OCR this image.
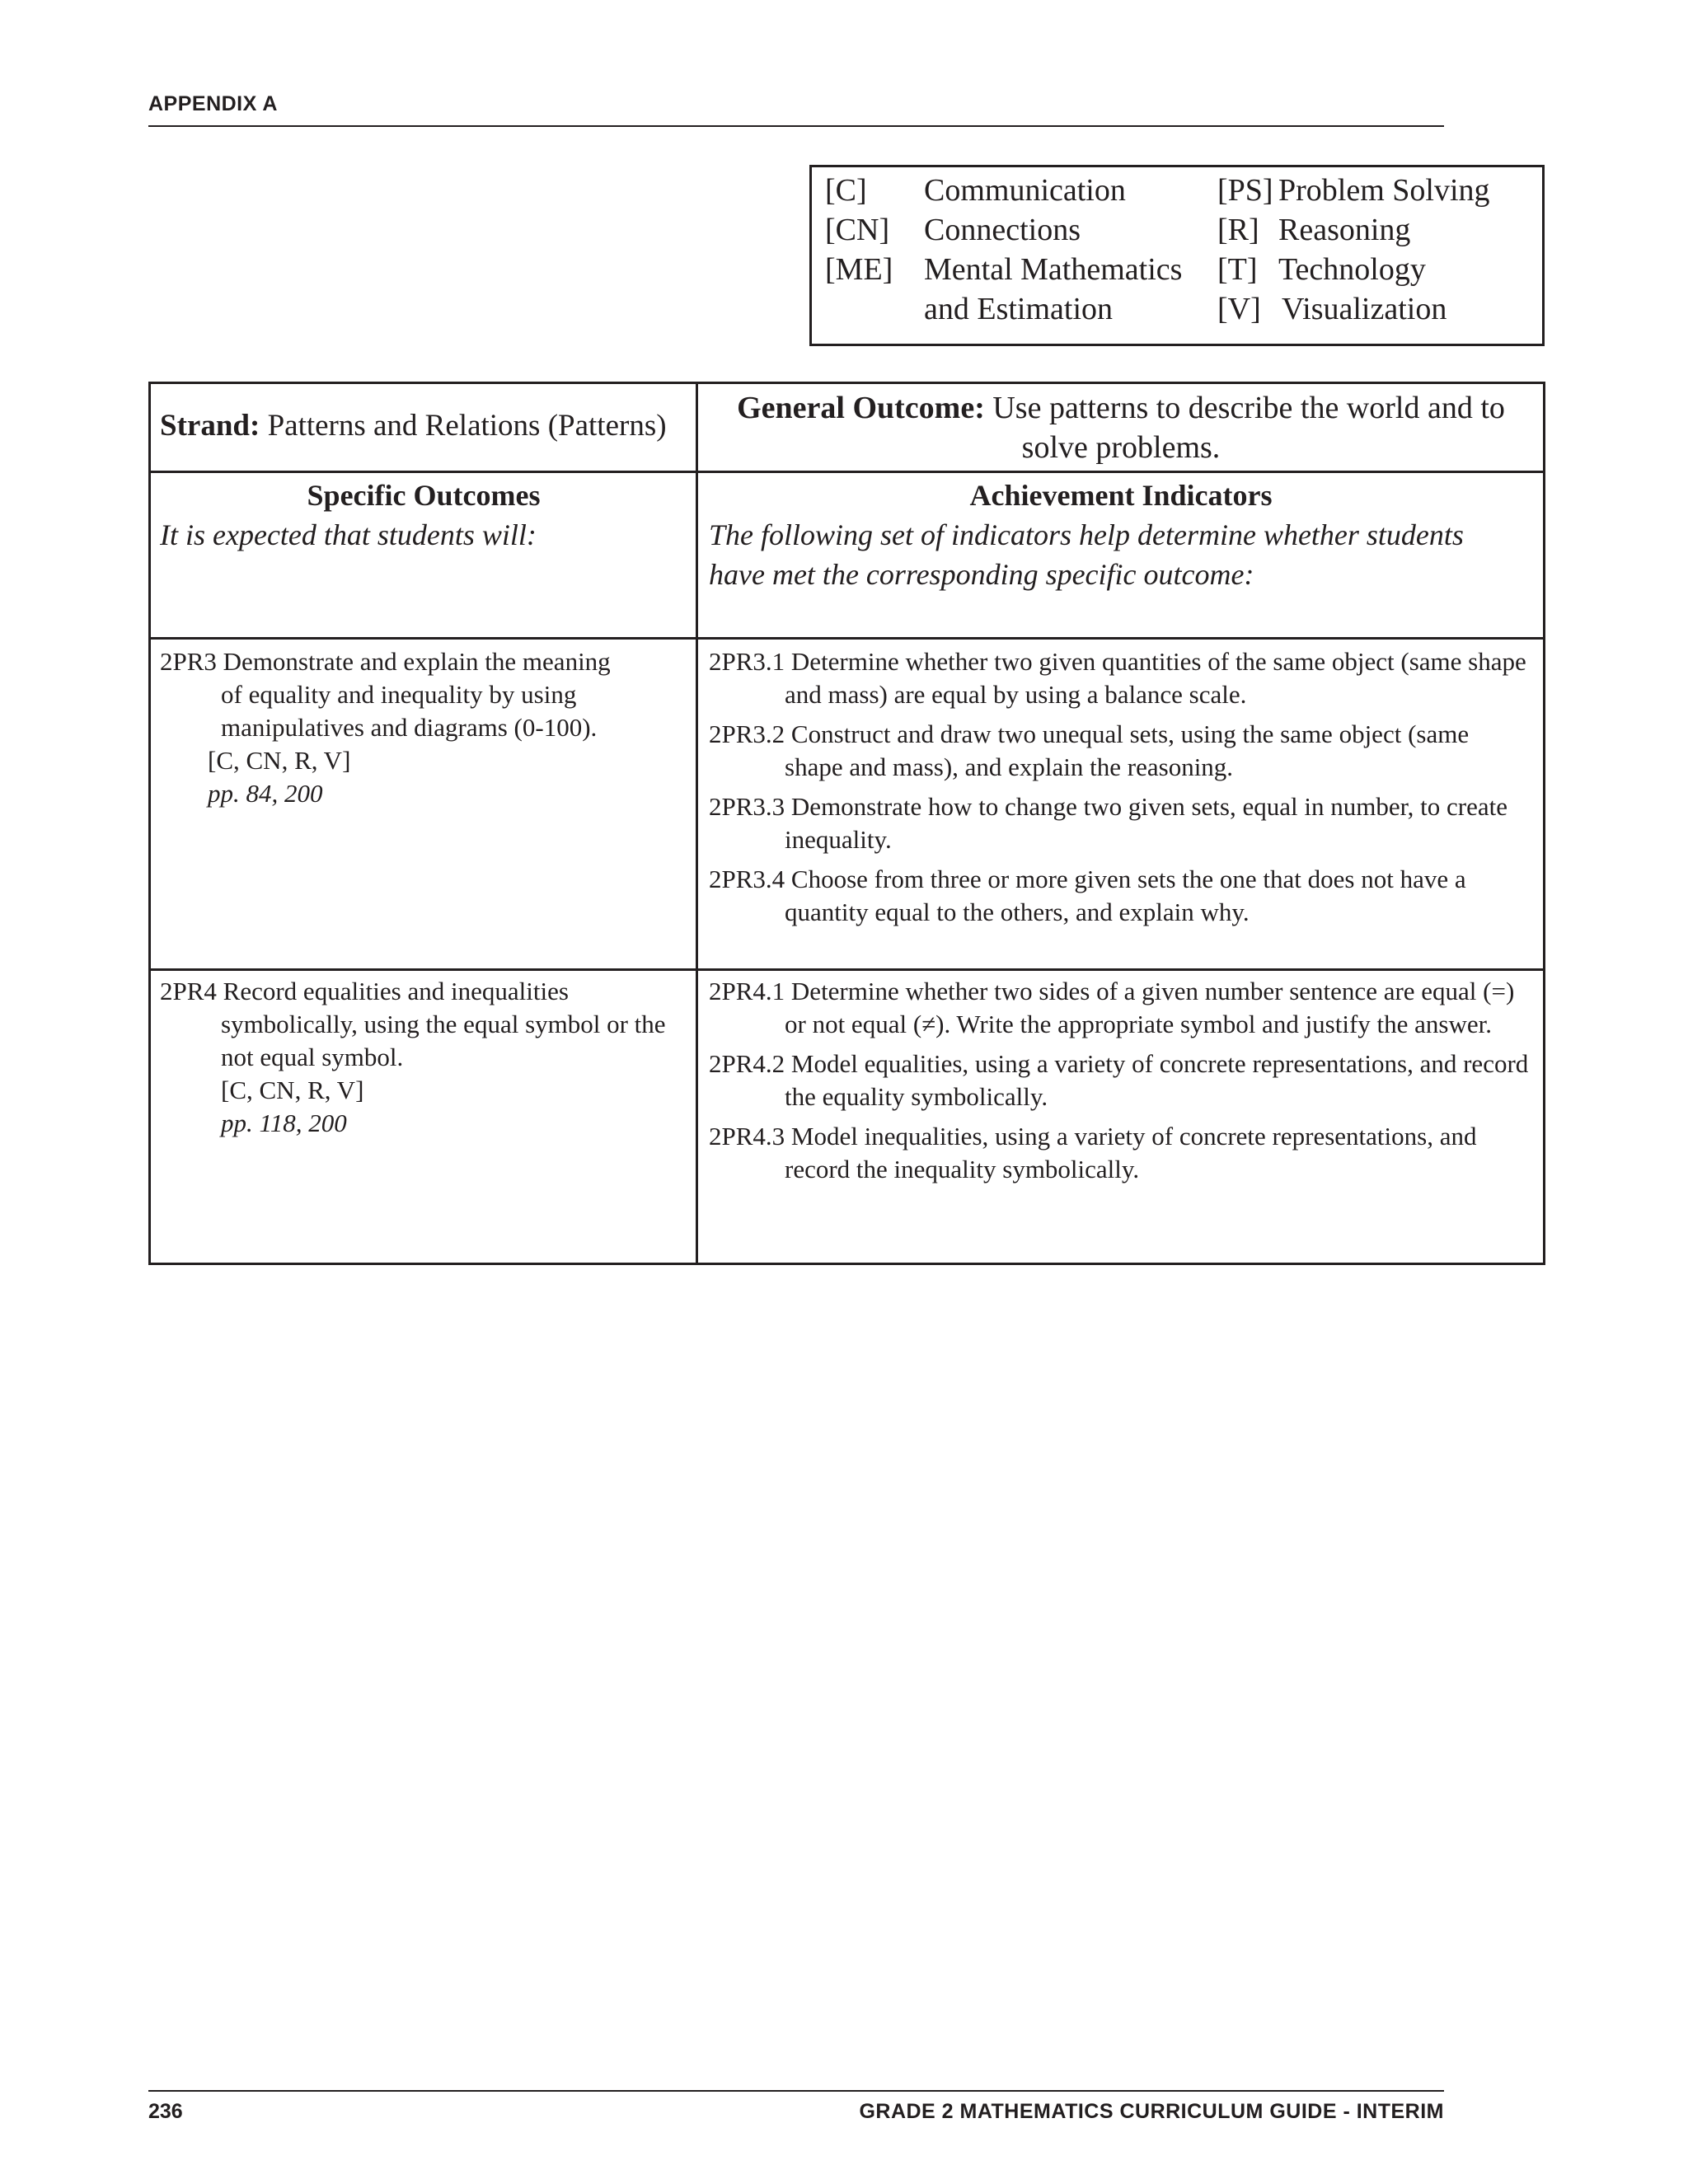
APPENDIX A
[C] Communication
[CN] Connections
[ME] Mental Mathematics
and Estimation
[PS] Problem Solving
[R] Reasoning
[T] Technology
[V] Visualization
Strand: Patterns and Relations (Patterns)
General Outcome: Use patterns to describe the world and to solve problems.
Specific Outcomes
It is expected that students will:
Achievement Indicators
The following set of indicators help determine whether students have met the corresponding specific outcome:
2PR3 Demonstrate and explain the meaning
of equality and inequality by using
manipulatives and diagrams (0-100).
[C, CN, R, V]
pp. 84, 200
2PR3.1 Determine whether two given quantities of the same object (same shape and mass) are equal by using a balance scale.
2PR3.2 Construct and draw two unequal sets, using the same object (same shape and mass), and explain the reasoning.
2PR3.3 Demonstrate how to change two given sets, equal in number, to create inequality.
2PR3.4 Choose from three or more given sets the one that does not have a quantity equal to the others, and explain why.
2PR4 Record equalities and inequalities
symbolically, using the equal symbol or the
not equal symbol.
[C, CN, R, V]
pp. 118, 200
2PR4.1 Determine whether two sides of a given number sentence are equal (=) or not equal (≠). Write the appropriate symbol and justify the answer.
2PR4.2 Model equalities, using a variety of concrete representations, and record the equality symbolically.
2PR4.3 Model inequalities, using a variety of concrete representations, and record the inequality symbolically.
236	GRADE 2 MATHEMATICS CURRICULUM GUIDE - INTERIM
